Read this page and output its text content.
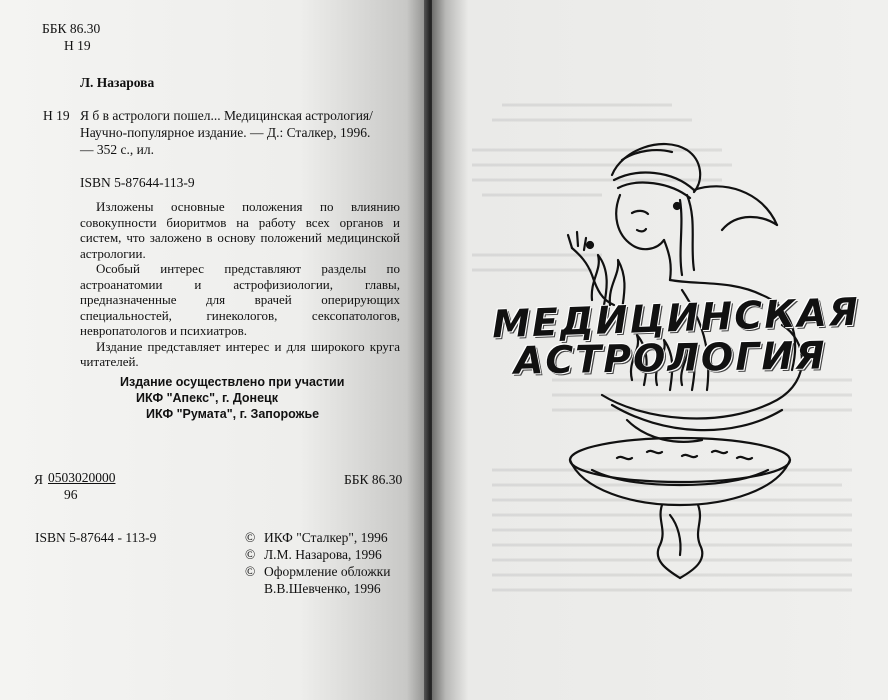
ББК 86.30
Н 19
Л. Назарова
Н 19 Я б в астрологи пошел... Медицинская астрология/
Научно-популярное издание. — Д.: Сталкер, 1996.
— 352 с., ил.
ISBN 5-87644-113-9

Изложены основные положения по влиянию совокупности биоритмов на работу всех органов и систем, что заложено в основу положений медицинской астрологии.

Особый интерес представляют разделы по астроанатомии и астрофизиологии, главы, предназначенные для врачей оперирующих специальностей, гинекологов, сексопатологов, невропатологов и психиатров.

Издание представляет интерес и для широкого круга читателей.

Издание осуществлено при участии
ИКФ "Апекс", г. Донецк
ИКФ "Румата", г. Запорожье
Я 0503020000
96
ББК 86.30
ISBN 5-87644 - 113-9	© ИКФ "Сталкер", 1996
© Л.М. Назарова, 1996
© Оформление обложки
В.В.Шевченко, 1996
МЕДИЦИНСКАЯ
АСТРОЛОГИЯ
